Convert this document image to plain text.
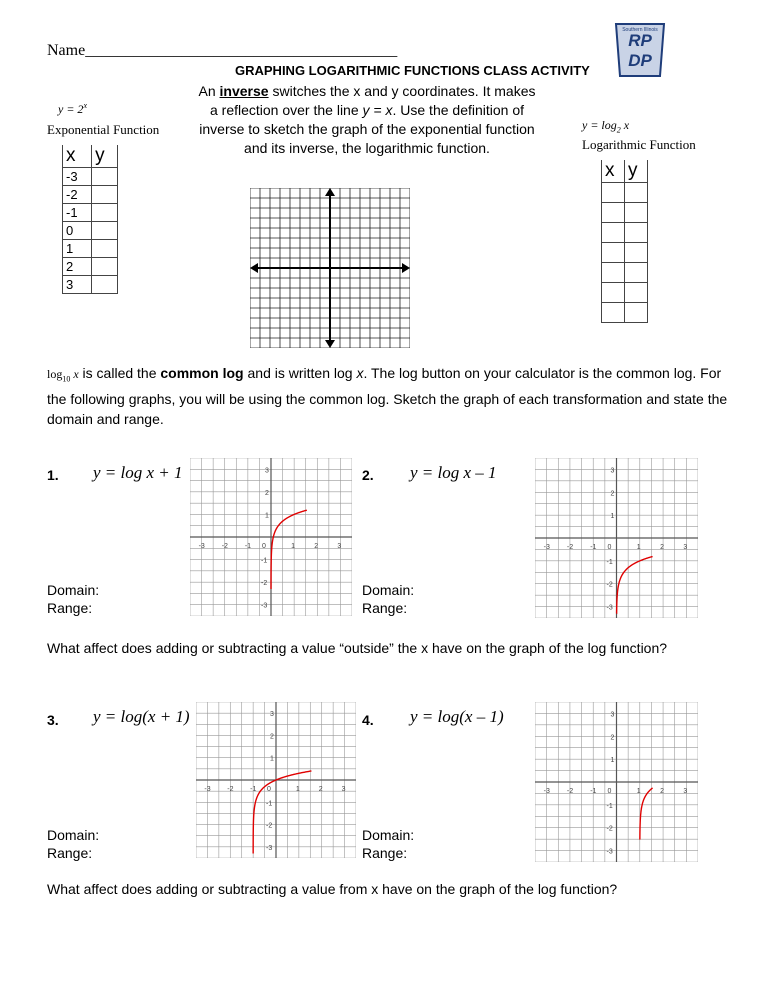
RP
DP
Southern Illinois
Name_______________________________________
GRAPHING LOGARITHMIC FUNCTIONS CLASS ACTIVITY
An inverse switches the x and y coordinates. It makes a reflection over the line y = x. Use the definition of inverse to sketch the graph of the exponential function and its inverse, the logarithmic function.
$y = 2^x$
Exponential Function
x	y
-3	
-2	
-1	
0	
1	
2	
3	
$y = \log_2 x$
Logarithmic Function
x	y

$\log_{10} x$ is called the common log and is written log x. The log button on your calculator is the common log. For the following graphs, you will be using the common log. Sketch the graph of each transformation and state the domain and range.
1. y = log x + 1
-3 -2 -1 0	1	2	3
3
2
1
-1
-2
-3
Domain:
Range:
2. y = log x – 1
-3 -2 -1 0	1	2	3
3
2
1
-1
-2
-3
Domain:
Range:
What affect does adding or subtracting a value “outside” the x have on the graph of the log function?
3. y = log(x + 1)
-3 -2 -1 0	1	2	3
3
2
1
-1
-2
-3
Domain:
Range:
4. y = log(x – 1)
-3 -2 -1 0	1	2	3
3
2
1
-1
-2
-3
Domain:
Range:
What affect does adding or subtracting a value from x have on the graph of the log function?
